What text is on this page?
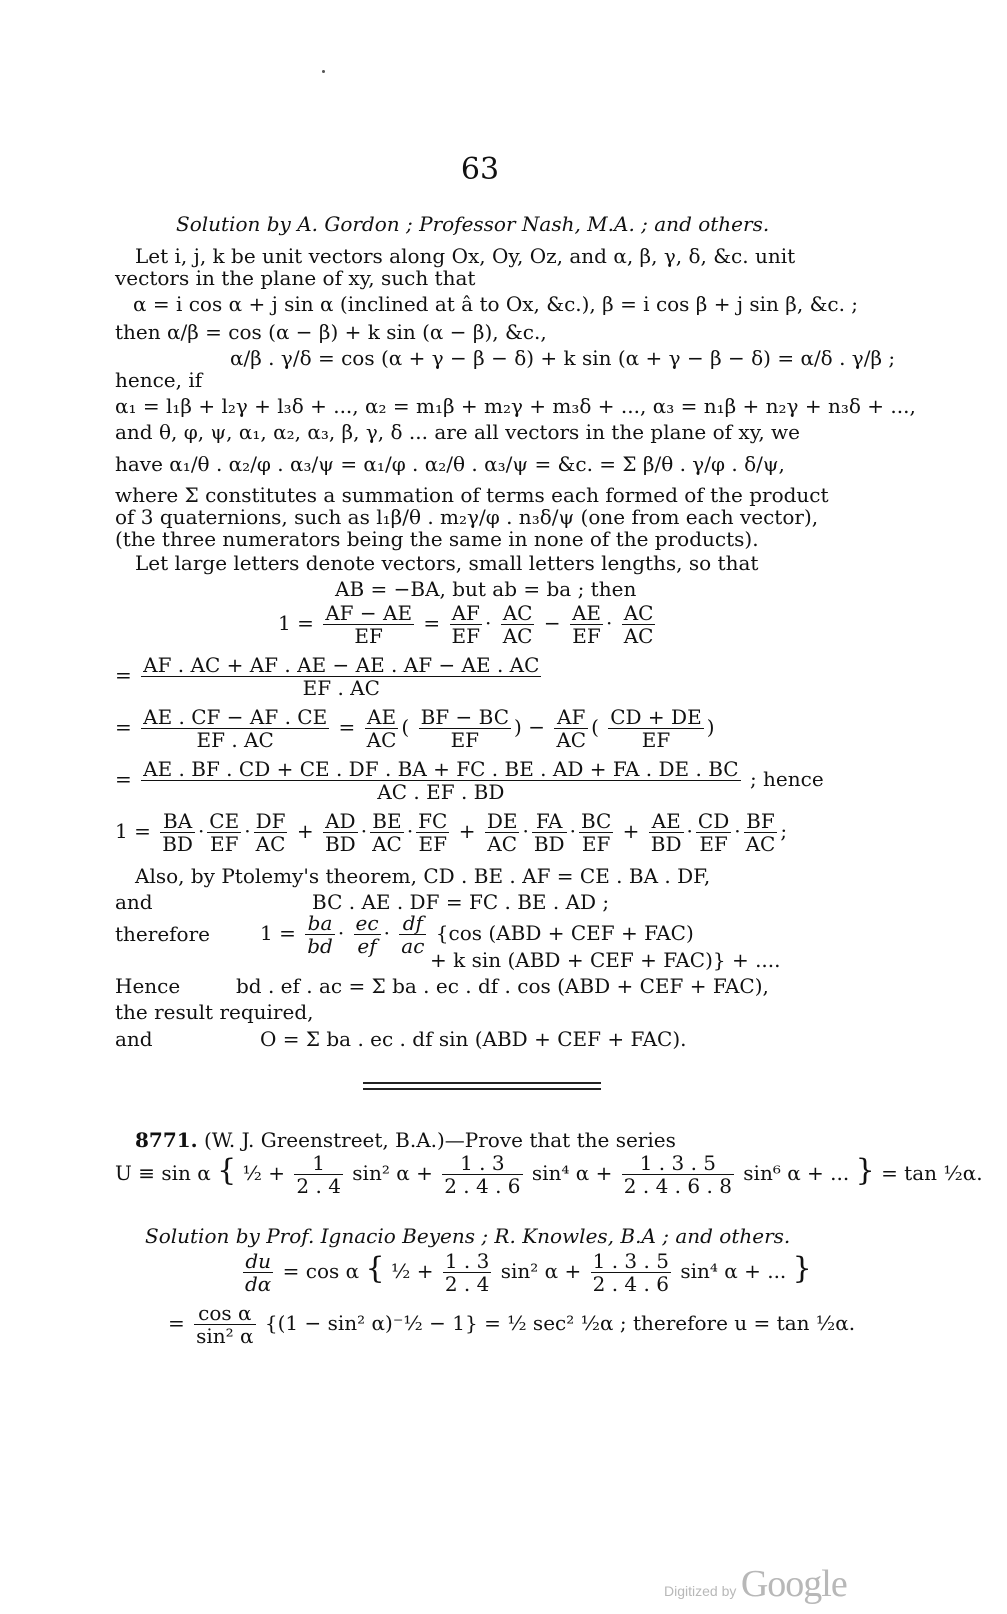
63
Solution by A. Gordon ; Professor Nash, M.A. ; and others.
Let i, j, k be unit vectors along Ox, Oy, Oz, and α, β, γ, δ, &c. unit
vectors in the plane of xy, such that
α = i cos α + j sin α (inclined at â to Ox, &c.), β = i cos β + j sin β, &c. ;
then α/β = cos (α − β) + k sin (α − β), &c.,
α/β . γ/δ = cos (α + γ − β − δ) + k sin (α + γ − β − δ) = α/δ . γ/β ;
hence, if
α₁ = l₁β + l₂γ + l₃δ + ..., α₂ = m₁β + m₂γ + m₃δ + ..., α₃ = n₁β + n₂γ + n₃δ + ...,
and θ, φ, ψ, α₁, α₂, α₃, β, γ, δ ... are all vectors in the plane of xy, we
have α₁/θ . α₂/φ . α₃/ψ = α₁/φ . α₂/θ . α₃/ψ = &c. = Σ β/θ . γ/φ . δ/ψ,
where Σ constitutes a summation of terms each formed of the product
of 3 quaternions, such as l₁β/θ . m₂γ/φ . n₃δ/ψ (one from each vector),
(the three numerators being the same in none of the products).
Let large letters denote vectors, small letters lengths, so that
AB = −BA, but ab = ba ; then
$1 = \frac{AF - AE}{EF} = \frac{AF}{EF} \cdot \frac{AC}{AC} - \frac{AE}{EF} \cdot \frac{AC}{AC}$
= $\frac{AF . AC + AF . AE - AE . AF - AE . AC}{EF . AC}$
= $\frac{AE . CF - AF . CE}{EF . AC} = \frac{AE}{AC}$ ( $\frac{BF - BC}{EF}$ ) − $\frac{AF}{AC}$ ( $\frac{CD + DE}{EF}$ )
= $\frac{AE . BF . CD + CE . DF . BA + FC . BE . AD + FA . DE . BC}{AC . EF . BD}$ ; hence
$1 = \frac{BA}{BD} \cdot \frac{CE}{EF} \cdot \frac{DF}{AC} + \frac{AD}{BD} \cdot \frac{BE}{AC} \cdot \frac{FC}{EF} + \frac{DE}{AC} \cdot \frac{FA}{BD} \cdot \frac{BC}{EF} + \frac{AE}{BD} \cdot \frac{CD}{EF} \cdot \frac{BF}{AC}$ ;
Also, by Ptolemy's theorem, CD . BE . AF = CE . BA . DF,
and	BC . AE . DF = FC . BE . AD ;
therefore	$1 = \frac{ba}{bd} \cdot \frac{ec}{ef} \cdot \frac{df}{ac} \{\cos$ (ABD + CEF + FAC)
+ k sin (ABD + CEF + FAC)} + ....
Hence	bd . ef . ac = Σ ba . ec . df . cos (ABD + CEF + FAC),
the result required,
and	O = Σ ba . ec . df sin (ABD + CEF + FAC).
8771. (W. J. Greenstreet, B.A.)—Prove that the series
U ≡ sin α { ½ + $\frac{1}{2 . 4} \sin^2$ $\alpha + \frac{1 . 3}{2 . 4 . 6} \sin^4$ $\alpha + \frac{1 . 3 . 5}{2 . 4 . 6 . 8} \sin^6$ α + ... } = tan ½α.
Solution by Prof. Ignacio Beyens ; R. Knowles, B.A ; and others.
$\frac{du}{d\alpha} = \cos \alpha$ { ½ + $\frac{1 . 3}{2 . 4} \sin^2$ $\alpha + \frac{1 . 3 . 5}{2 . 4 . 6} \sin^4$ α + ... }
= $\frac{\text{cos α}}{\text{sin² α}} \{(1 - \sin^2$ α)⁻½ − 1} = ½ sec² ½α ; therefore u = tan ½α.
Digitized by Google
